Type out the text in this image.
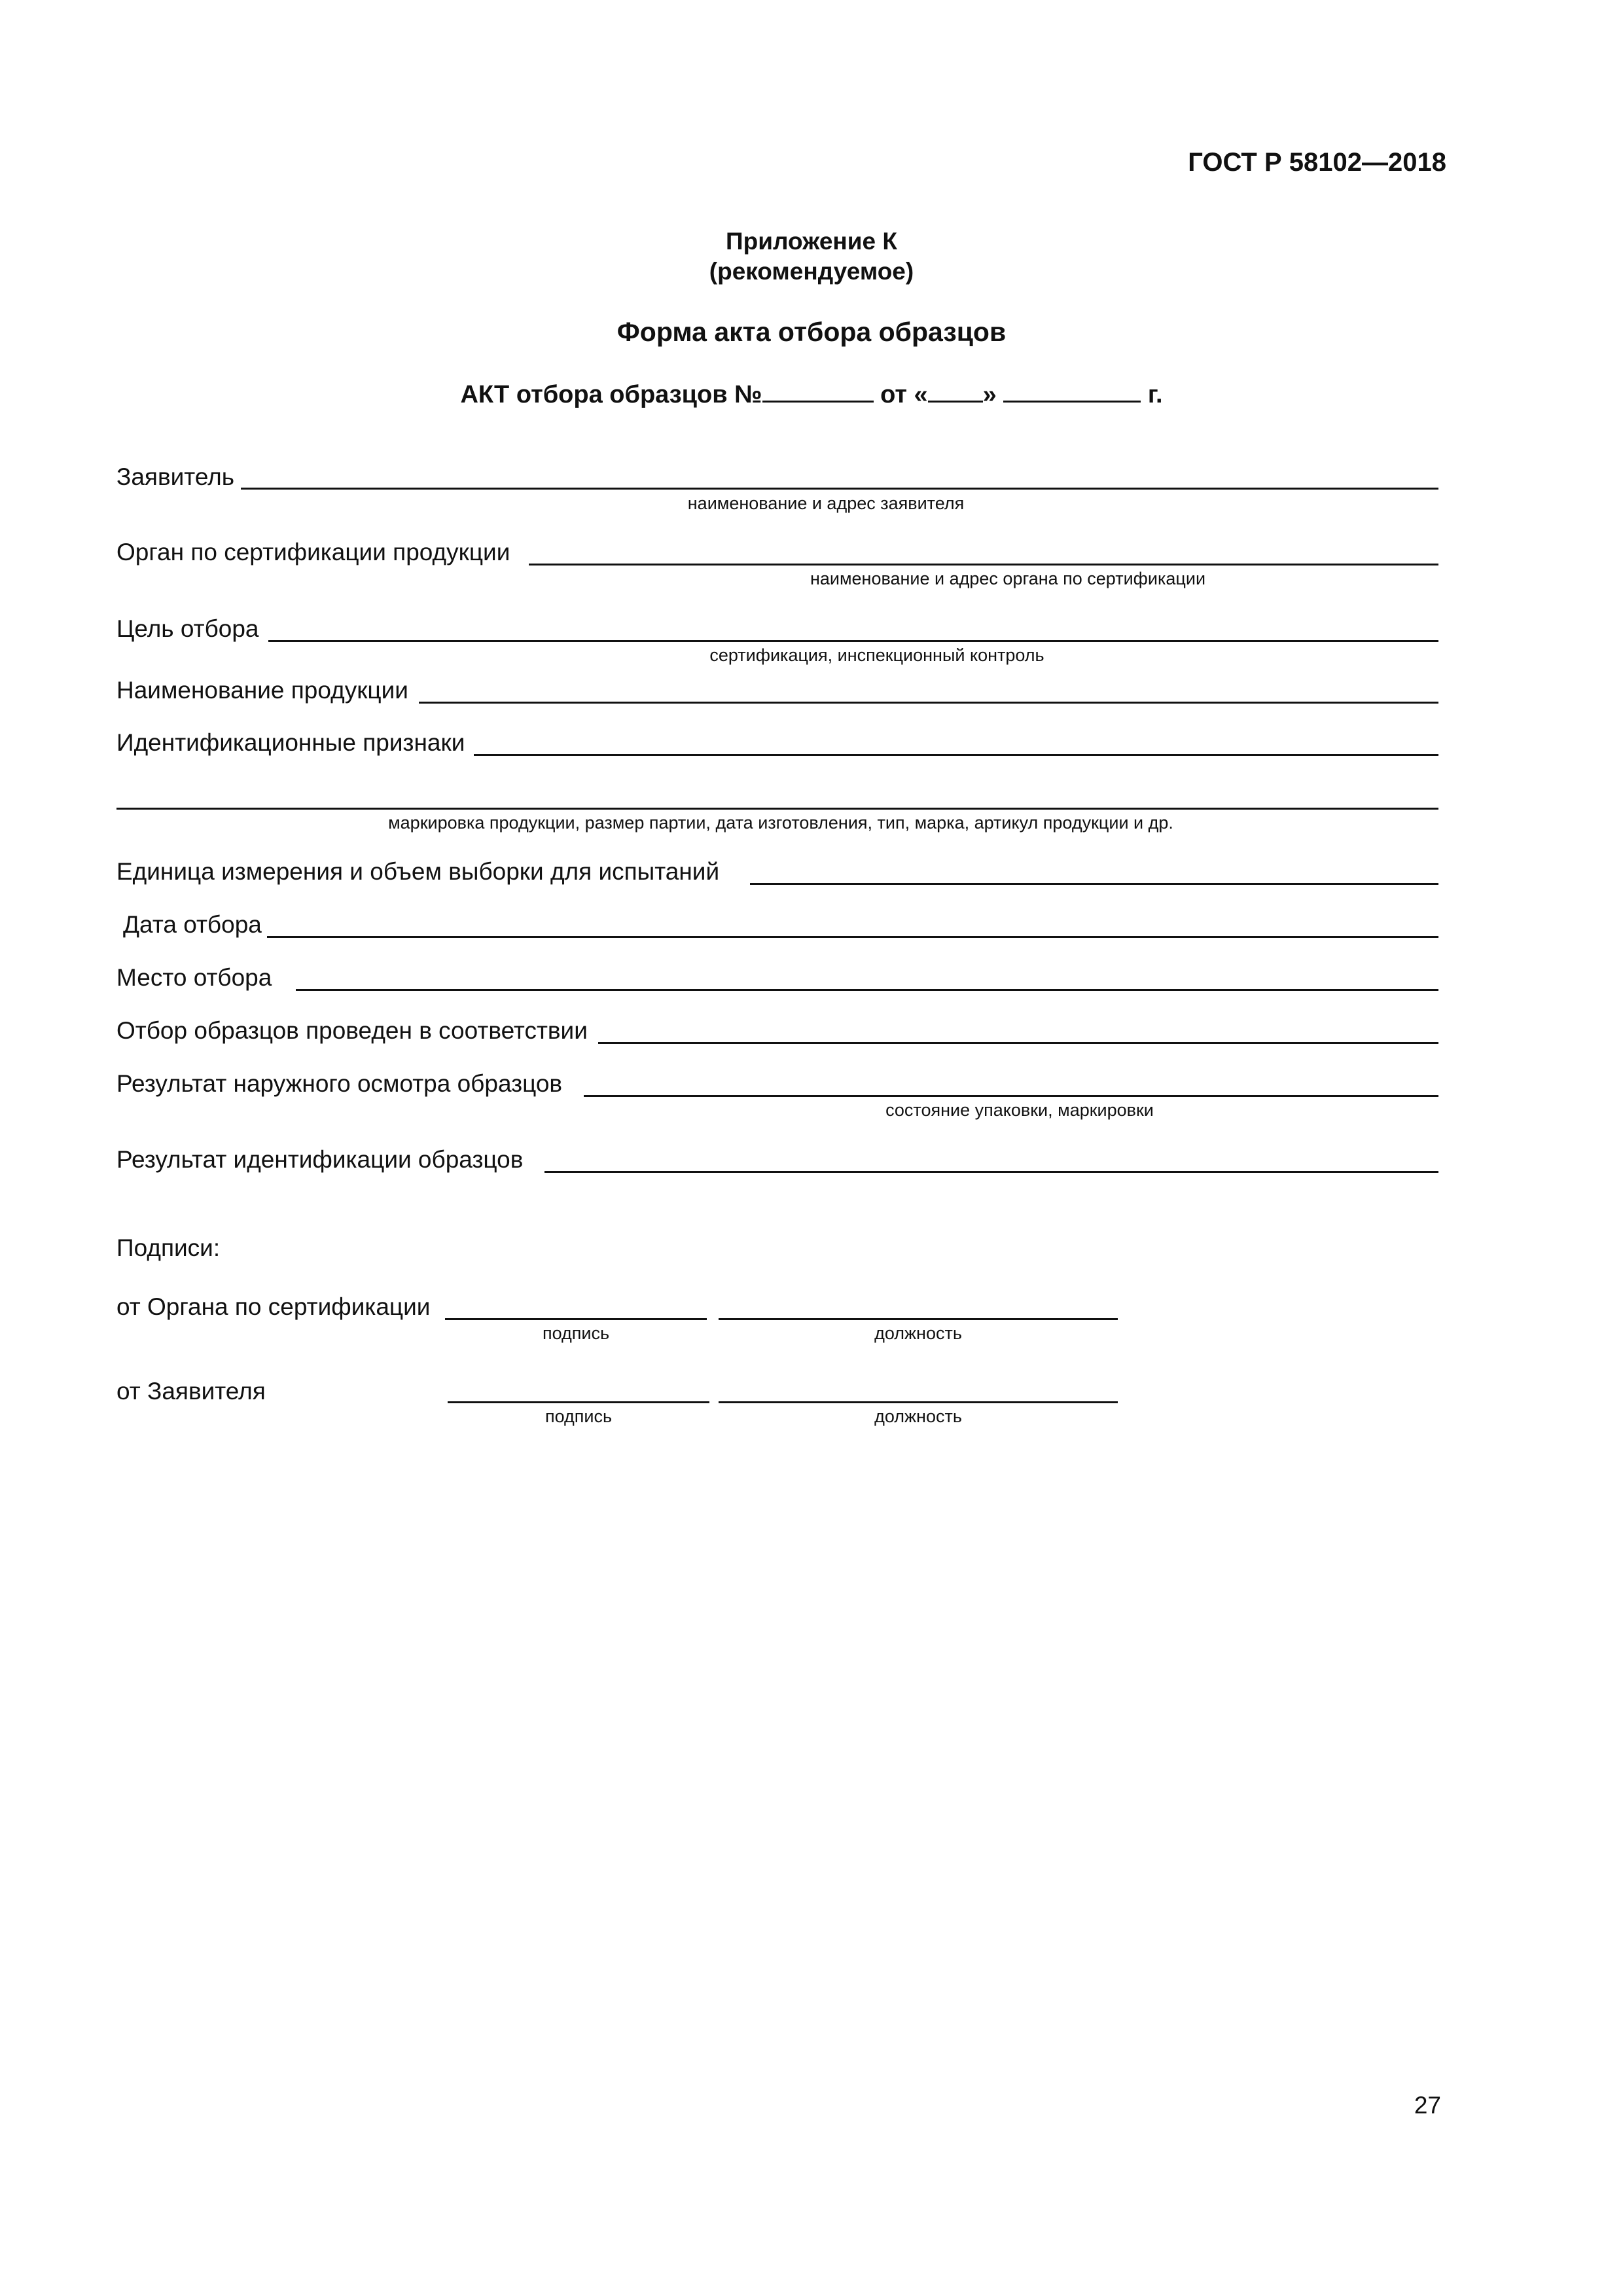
ГОСТ Р 58102—2018
Приложение К
(рекомендуемое)
Форма акта отбора образцов
АКТ отбора образцов №	от « »	г.
Заявитель
наименование и адрес заявителя
Орган по сертификации продукции
наименование и адрес органа по сертификации
Цель отбора
сертификация, инспекционный контроль
Наименование продукции
Идентификационные признаки
маркировка продукции, размер партии, дата изготовления, тип, марка, артикул продукции и др.
Единица измерения и объем выборки для испытаний
Дата отбора
Место отбора
Отбор образцов проведен в соответствии
Результат наружного осмотра образцов
состояние упаковки, маркировки
Результат идентификации образцов
Подписи:
от Органа по сертификации
подпись	должность
от Заявителя
подпись	должность
27
